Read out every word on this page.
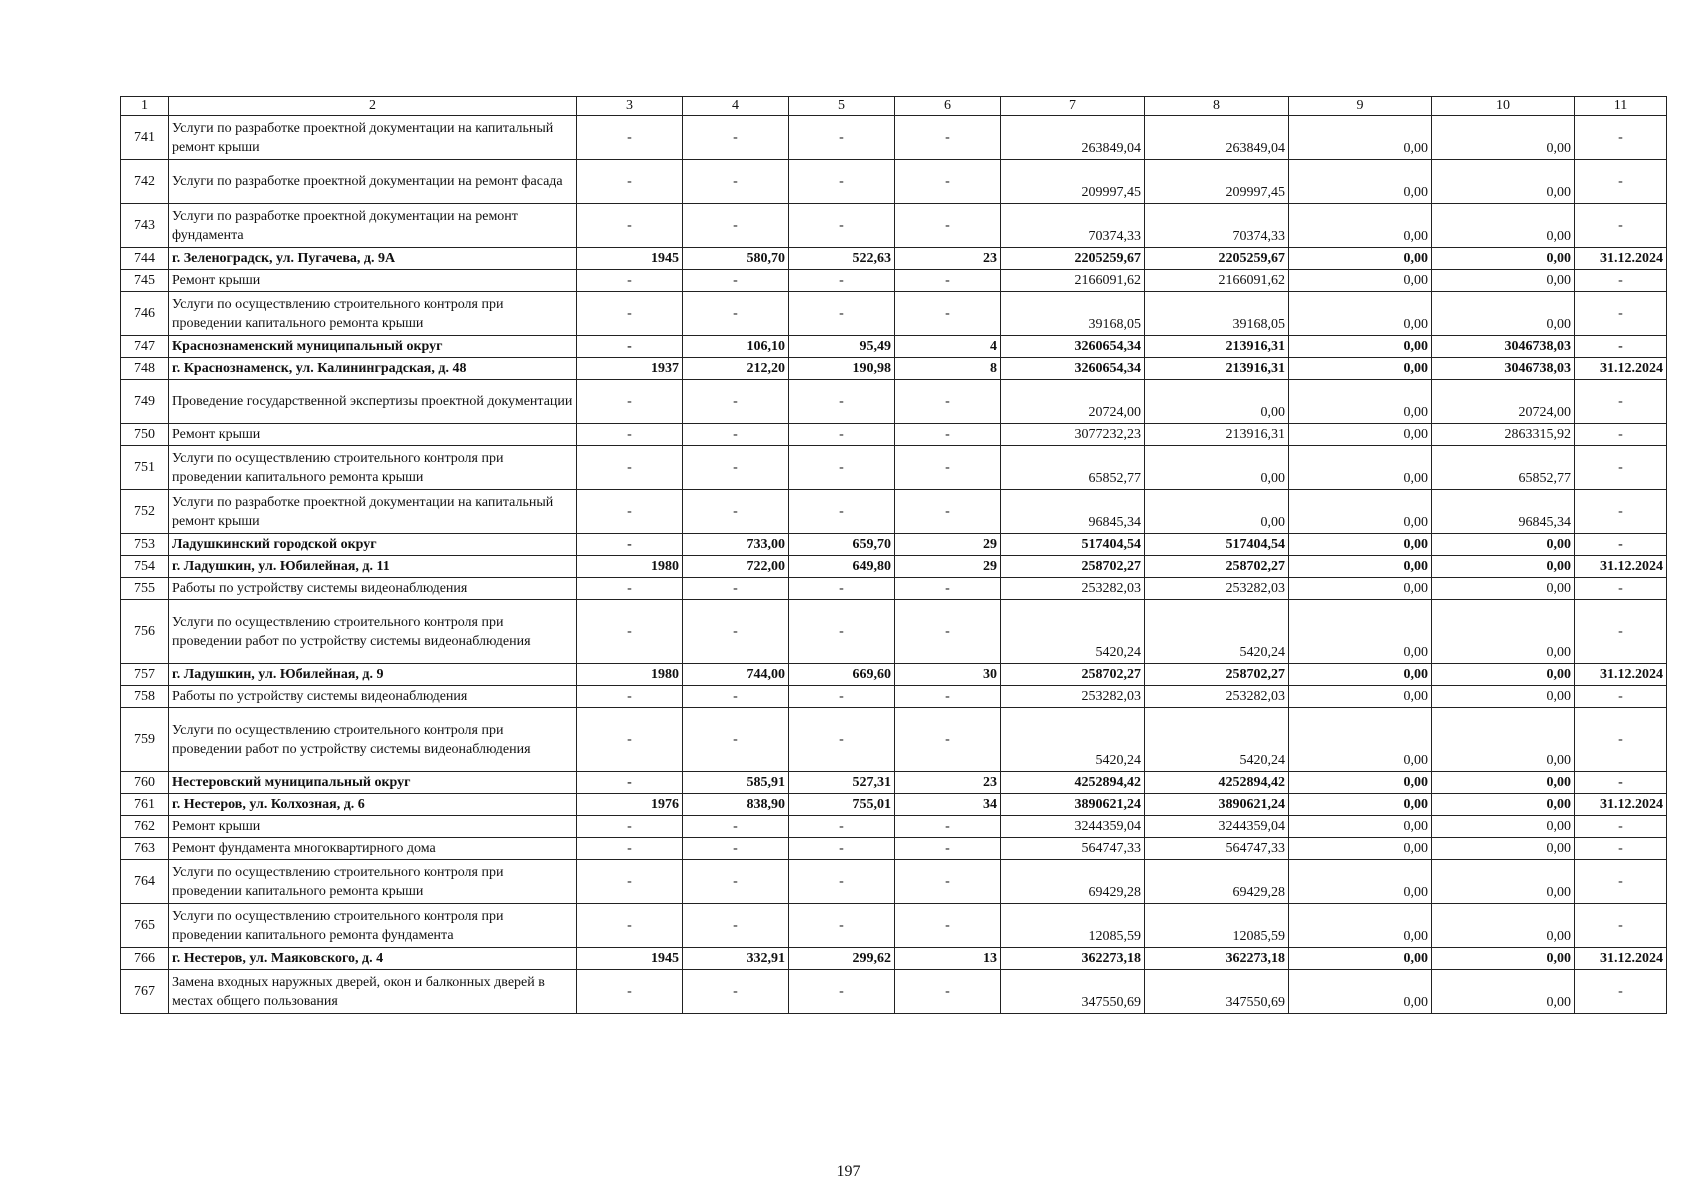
1	2	3	4	5	6	7	8	9	10	11
741	Услуги по разработке проектной документации на капитальный ремонт крыши	-	-	-	-	263849,04	263849,04	0,00	0,00	-
742	Услуги по разработке проектной документации на ремонт фасада	-	-	-	-	209997,45	209997,45	0,00	0,00	-
743	Услуги по разработке проектной документации на ремонт фундамента	-	-	-	-	70374,33	70374,33	0,00	0,00	-
744	г. Зеленоградск, ул. Пугачева, д. 9А	1945	580,70	522,63	23	2205259,67	2205259,67	0,00	0,00	31.12.2024
745	Ремонт крыши	-	-	-	-	2166091,62	2166091,62	0,00	0,00	-
746	Услуги по осуществлению строительного контроля при проведении капитального ремонта крыши	-	-	-	-	39168,05	39168,05	0,00	0,00	-
747	Краснознаменский муниципальный округ	-	106,10	95,49	4	3260654,34	213916,31	0,00	3046738,03	-
748	г. Краснознаменск, ул. Калининградская, д. 48	1937	212,20	190,98	8	3260654,34	213916,31	0,00	3046738,03	31.12.2024
749	Проведение государственной экспертизы проектной документации	-	-	-	-	20724,00	0,00	0,00	20724,00	-
750	Ремонт крыши	-	-	-	-	3077232,23	213916,31	0,00	2863315,92	-
751	Услуги по осуществлению строительного контроля при проведении капитального ремонта крыши	-	-	-	-	65852,77	0,00	0,00	65852,77	-
752	Услуги по разработке проектной документации на капитальный ремонт крыши	-	-	-	-	96845,34	0,00	0,00	96845,34	-
753	Ладушкинский городской округ	-	733,00	659,70	29	517404,54	517404,54	0,00	0,00	-
754	г. Ладушкин, ул. Юбилейная, д. 11	1980	722,00	649,80	29	258702,27	258702,27	0,00	0,00	31.12.2024
755	Работы по устройству системы видеонаблюдения	-	-	-	-	253282,03	253282,03	0,00	0,00	-
756	Услуги по осуществлению строительного контроля при проведении работ по устройству системы видеонаблюдения	-	-	-	-	5420,24	5420,24	0,00	0,00	-
757	г. Ладушкин, ул. Юбилейная, д. 9	1980	744,00	669,60	30	258702,27	258702,27	0,00	0,00	31.12.2024
758	Работы по устройству системы видеонаблюдения	-	-	-	-	253282,03	253282,03	0,00	0,00	-
759	Услуги по осуществлению строительного контроля при проведении работ по устройству системы видеонаблюдения	-	-	-	-	5420,24	5420,24	0,00	0,00	-
760	Нестеровский муниципальный округ	-	585,91	527,31	23	4252894,42	4252894,42	0,00	0,00	-
761	г. Нестеров, ул. Колхозная, д. 6	1976	838,90	755,01	34	3890621,24	3890621,24	0,00	0,00	31.12.2024
762	Ремонт крыши	-	-	-	-	3244359,04	3244359,04	0,00	0,00	-
763	Ремонт фундамента многоквартирного дома	-	-	-	-	564747,33	564747,33	0,00	0,00	-
764	Услуги по осуществлению строительного контроля при проведении капитального ремонта крыши	-	-	-	-	69429,28	69429,28	0,00	0,00	-
765	Услуги по осуществлению строительного контроля при проведении капитального ремонта фундамента	-	-	-	-	12085,59	12085,59	0,00	0,00	-
766	г. Нестеров, ул. Маяковского, д. 4	1945	332,91	299,62	13	362273,18	362273,18	0,00	0,00	31.12.2024
767	Замена входных наружных дверей, окон и балконных дверей в местах общего пользования	-	-	-	-	347550,69	347550,69	0,00	0,00	-
197
